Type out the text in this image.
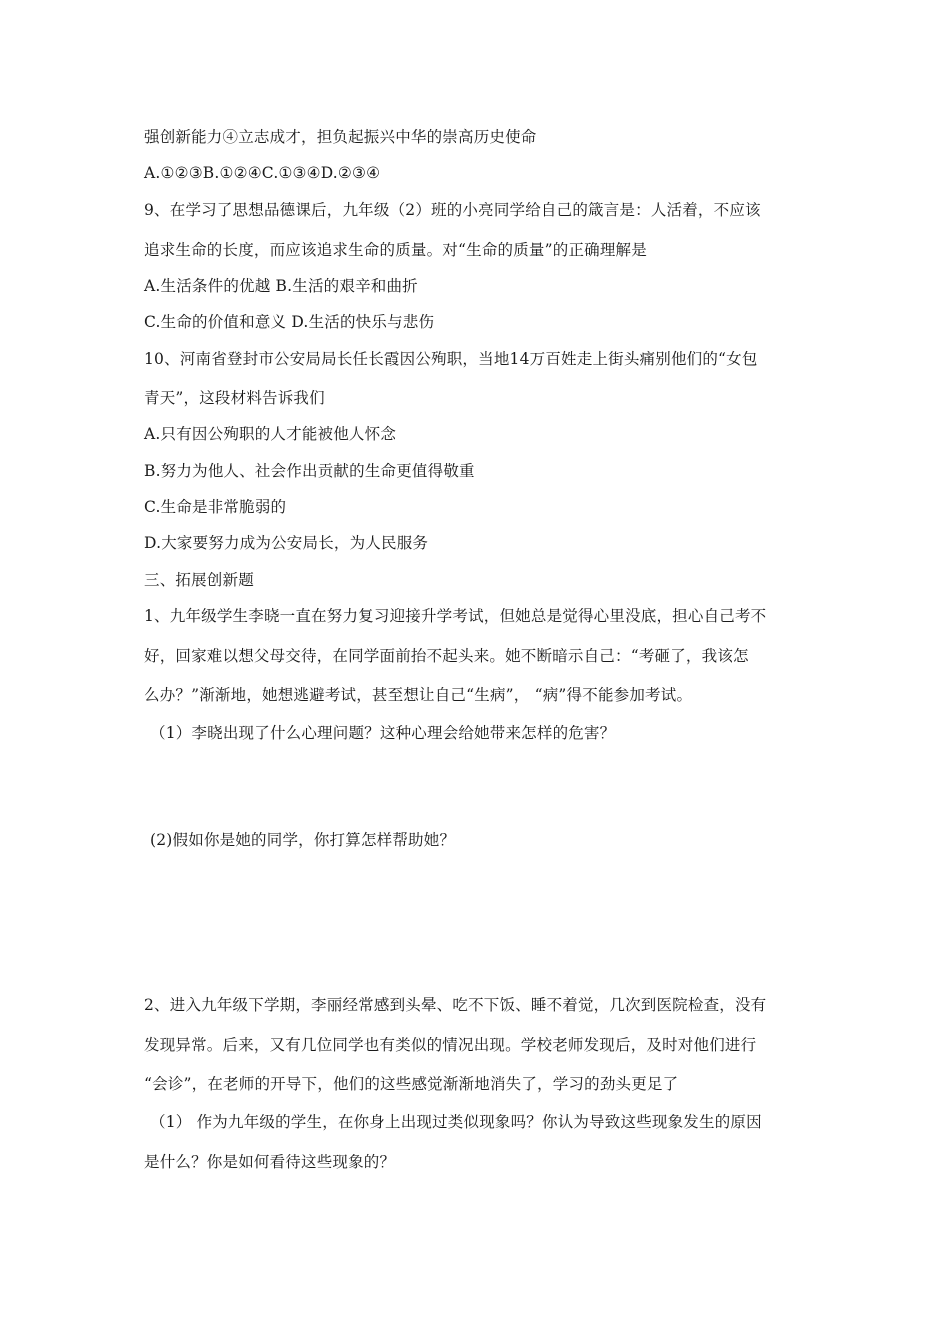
强创新能力④立志成才，担负起振兴中华的崇高历史使命
A.①②③B.①②④C.①③④D.②③④
9、在学习了思想品德课后，九年级（2）班的小亮同学给自己的箴言是：人活着，不应该
追求生命的长度，而应该追求生命的质量。对“生命的质量”的正确理解是
A.生活条件的优越 B.生活的艰辛和曲折
C.生命的价值和意义 D.生活的快乐与悲伤
10、河南省登封市公安局局长任长霞因公殉职，当地14万百姓走上街头痛别他们的“女包
青天”，这段材料告诉我们
A.只有因公殉职的人才能被他人怀念
B.努力为他人、社会作出贡献的生命更值得敬重
C.生命是非常脆弱的
D.大家要努力成为公安局长，为人民服务
三、拓展创新题
1、九年级学生李晓一直在努力复习迎接升学考试，但她总是觉得心里没底，担心自己考不
好，回家难以想父母交待，在同学面前抬不起头来。她不断暗示自己：“考砸了，我该怎
么办？”渐渐地，她想逃避考试，甚至想让自己“生病”， “病”得不能参加考试。
（1）李晓出现了什么心理问题？这种心理会给她带来怎样的危害？
(2)假如你是她的同学，你打算怎样帮助她？
2、进入九年级下学期，李丽经常感到头晕、吃不下饭、睡不着觉，几次到医院检查，没有
发现异常。后来，又有几位同学也有类似的情况出现。学校老师发现后，及时对他们进行
“会诊”，在老师的开导下，他们的这些感觉渐渐地消失了，学习的劲头更足了
（1） 作为九年级的学生，在你身上出现过类似现象吗？你认为导致这些现象发生的原因
是什么？你是如何看待这些现象的？
